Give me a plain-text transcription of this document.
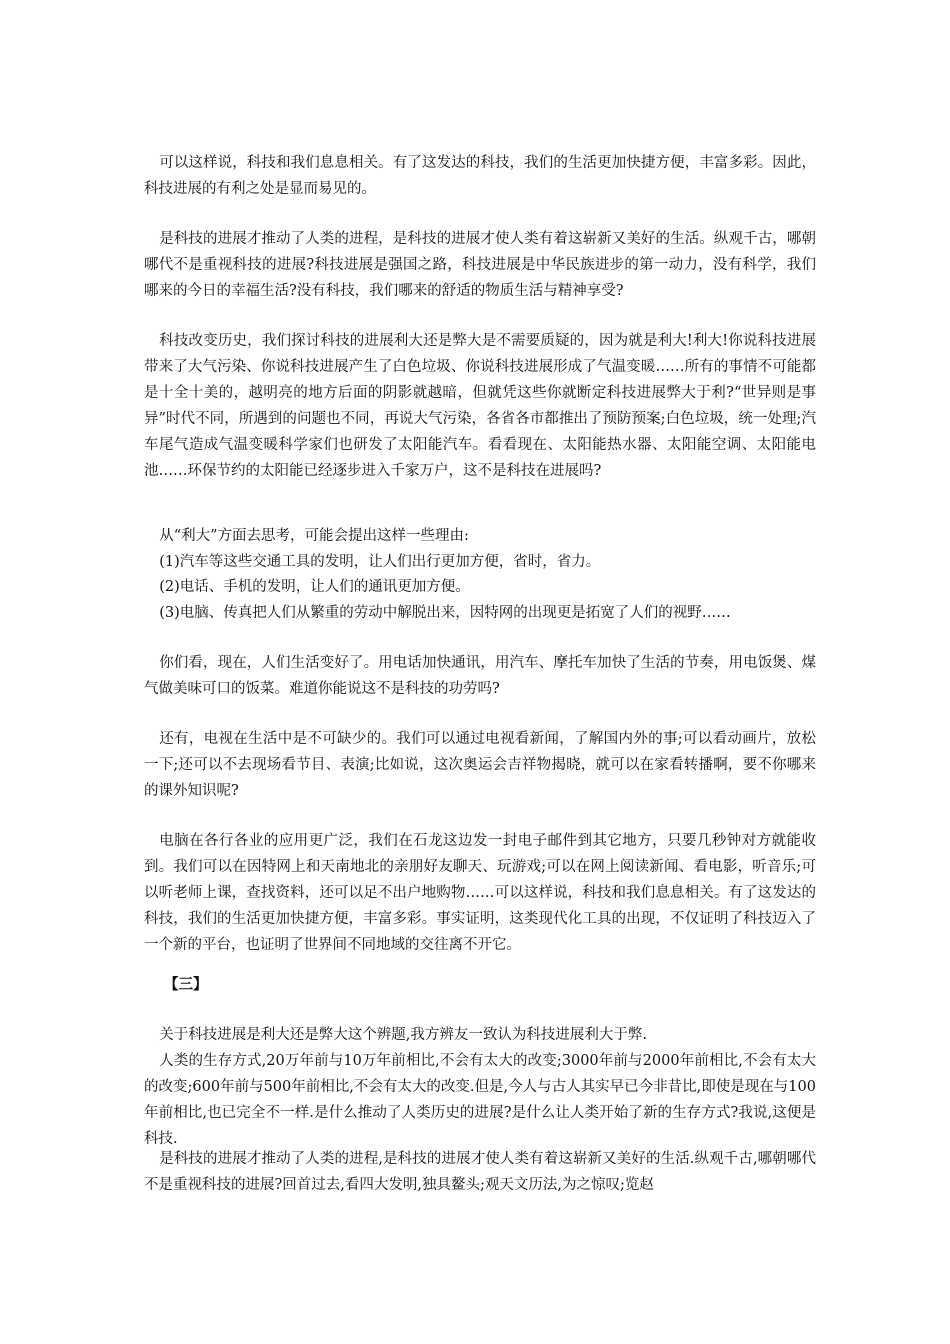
可以这样说，科技和我们息息相关。有了这发达的科技，我们的生活更加快捷方便，丰富多彩。因此，科技进展的有利之处是显而易见的。

是科技的进展才推动了人类的进程，是科技的进展才使人类有着这崭新又美好的生活。纵观千古，哪朝哪代不是重视科技的进展?科技进展是强国之路，科技进展是中华民族进步的第一动力，没有科学，我们哪来的今日的幸福生活?没有科技，我们哪来的舒适的物质生活与精神享受?

科技改变历史，我们探讨科技的进展利大还是弊大是不需要质疑的，因为就是利大!利大!你说科技进展带来了大气污染、你说科技进展产生了白色垃圾、你说科技进展形成了气温变暖……所有的事情不可能都是十全十美的，越明亮的地方后面的阴影就越暗，但就凭这些你就断定科技进展弊大于利?“世异则是事异”时代不同，所遇到的问题也不同，再说大气污染，各省各市都推出了预防预案;白色垃圾，统一处理;汽车尾气造成气温变暖科学家们也研发了太阳能汽车。看看现在、太阳能热水器、太阳能空调、太阳能电池……环保节约的太阳能已经逐步进入千家万户，这不是科技在进展吗?

从“利大”方面去思考，可能会提出这样一些理由:

(1)汽车等这些交通工具的发明，让人们出行更加方便，省时，省力。

(2)电话、手机的发明，让人们的通讯更加方便。

(3)电脑、传真把人们从繁重的劳动中解脱出来，因特网的出现更是拓宽了人们的视野……

你们看，现在，人们生活变好了。用电话加快通讯，用汽车、摩托车加快了生活的节奏，用电饭煲、煤气做美味可口的饭菜。难道你能说这不是科技的功劳吗?

还有，电视在生活中是不可缺少的。我们可以通过电视看新闻，了解国内外的事;可以看动画片，放松一下;还可以不去现场看节目、表演;比如说，这次奥运会吉祥物揭晓，就可以在家看转播啊，要不你哪来的课外知识呢?

电脑在各行各业的应用更广泛，我们在石龙这边发一封电子邮件到其它地方，只要几秒钟对方就能收到。我们可以在因特网上和天南地北的亲朋好友聊天、玩游戏;可以在网上阅读新闻、看电影，听音乐;可以听老师上课，查找资料，还可以足不出户地购物……可以这样说，科技和我们息息相关。有了这发达的科技，我们的生活更加快捷方便，丰富多彩。事实证明，这类现代化工具的出现，不仅证明了科技迈入了一个新的平台，也证明了世界间不同地域的交往离不开它。

【三】

关于科技进展是利大还是弊大这个辨题,我方辨友一致认为科技进展利大于弊.

人类的生存方式,20万年前与10万年前相比,不会有太大的改变;3000年前与2000年前相比,不会有太大的改变;600年前与500年前相比,不会有太大的改变.但是,今人与古人其实早已今非昔比,即使是现在与100年前相比,也已完全不一样.是什么推动了人类历史的进展?是什么让人类开始了新的生存方式?我说,这便是科技.

是科技的进展才推动了人类的进程,是科技的进展才使人类有着这崭新又美好的生活.纵观千古,哪朝哪代不是重视科技的进展?回首过去,看四大发明,独具鳌头;观天文历法,为之惊叹;览赵
